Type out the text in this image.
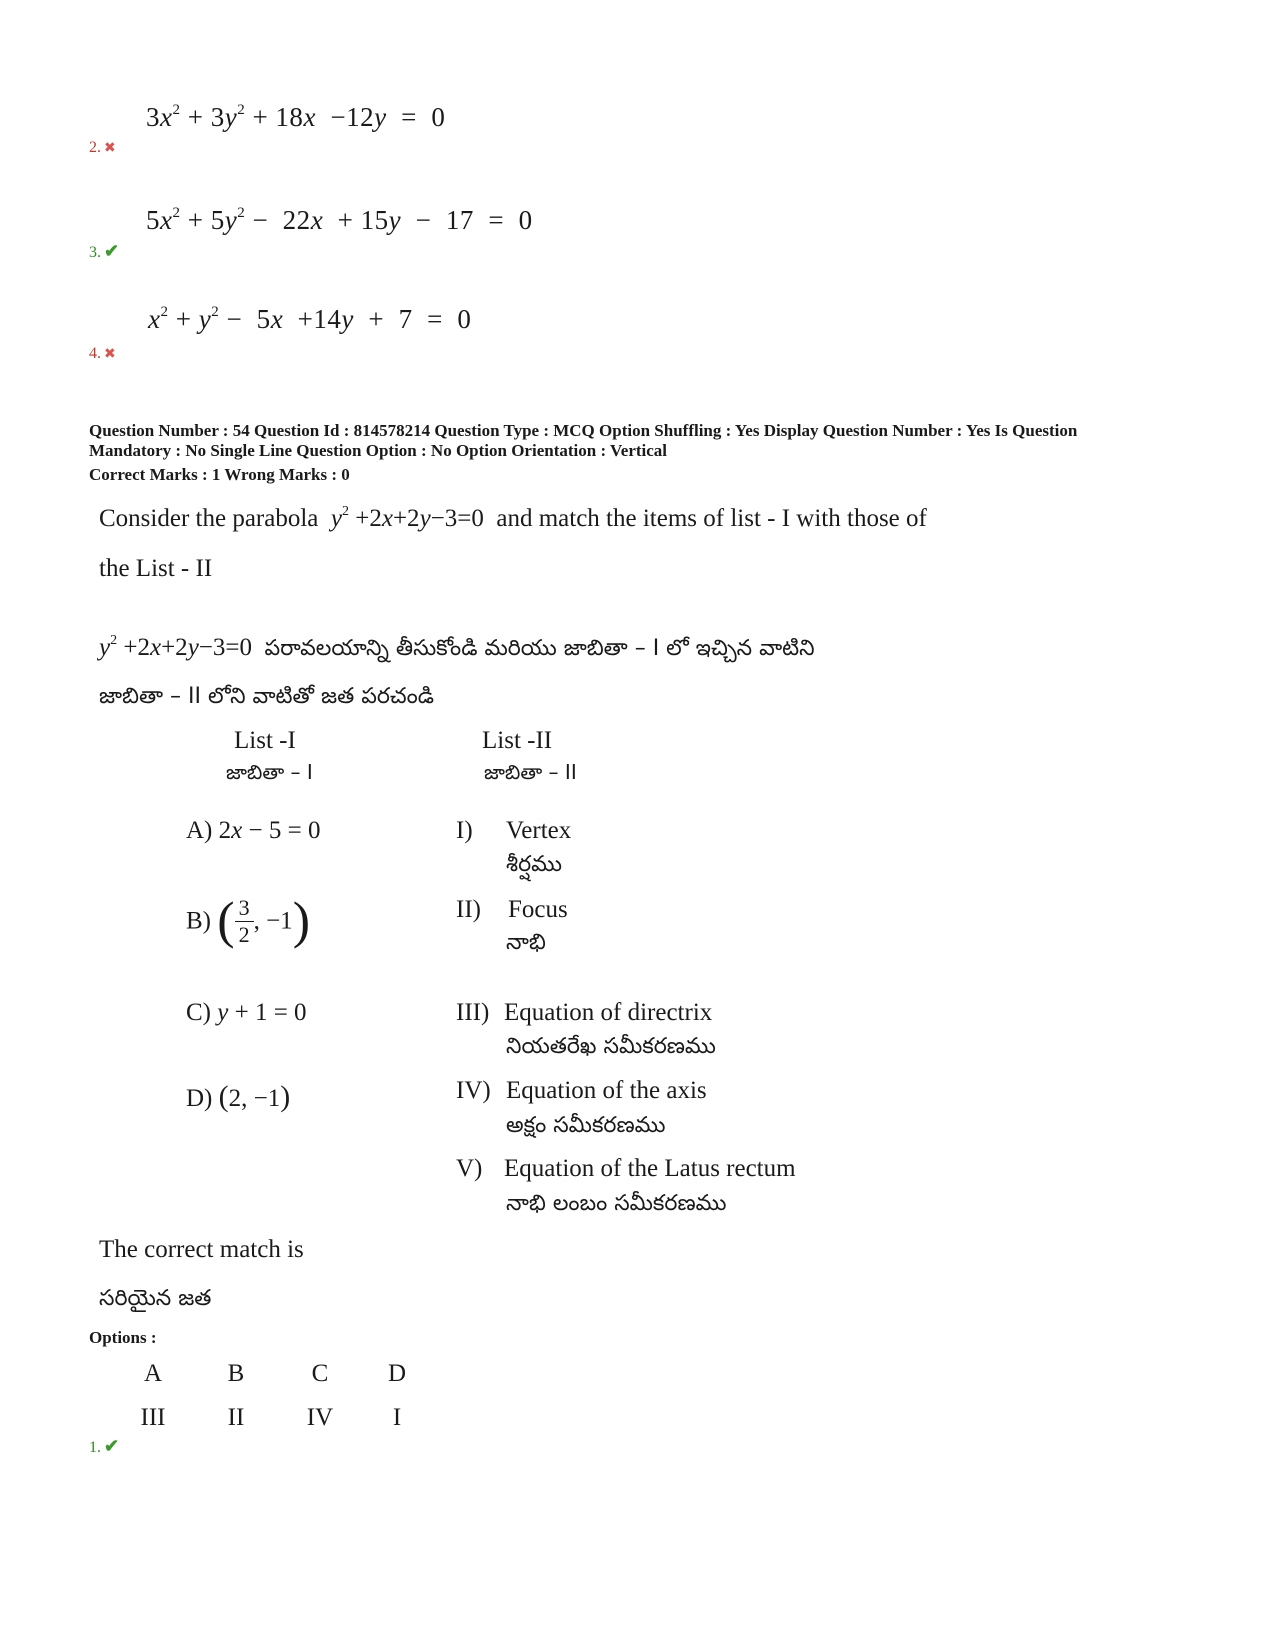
$3x^2 + 3y^2 + 18x -12y = 0$
2. ✖
$5x^2 + 5y^2 - 22x + 15y - 17 = 0$
3. ✔
$x^2 + y^2 - 5x +14y + 7 = 0$
4. ✖
Question Number : 54 Question Id : 814578214 Question Type : MCQ Option Shuffling : Yes Display Question Number : Yes Is Question
Mandatory : No Single Line Question Option : No Option Orientation : Vertical
Correct Marks : 1 Wrong Marks : 0
Consider the parabola $y^2 +2x+2y-3=0$ and match the items of list - I with those of
the List - II
$y^2 +2x+2y-3=0$ పరావలయాన్ని తీసుకోండి మరియు జాబితా – I లో ఇచ్చిన వాటిని
జాబితా – II లోని వాటితో జత పరచండి
List -I
జాబితా – I
List -II
జాబితా – II
A) 2x − 5 = 0
B) ( $\frac{3}{2}$ , −1)
C) y + 1 = 0
D) (2, −1)
I) Vertex
శీర్షము
II) Focus
నాభి
III) Equation of directrix
నియతరేఖ సమీకరణము
IV) Equation of the axis
అక్షం సమీకరణము
V) Equation of the Latus rectum
నాభి లంబం సమీకరణము
The correct match is
సరియైన జత
Options :
A	B	C	D
III	II	IV	I
1. ✔
